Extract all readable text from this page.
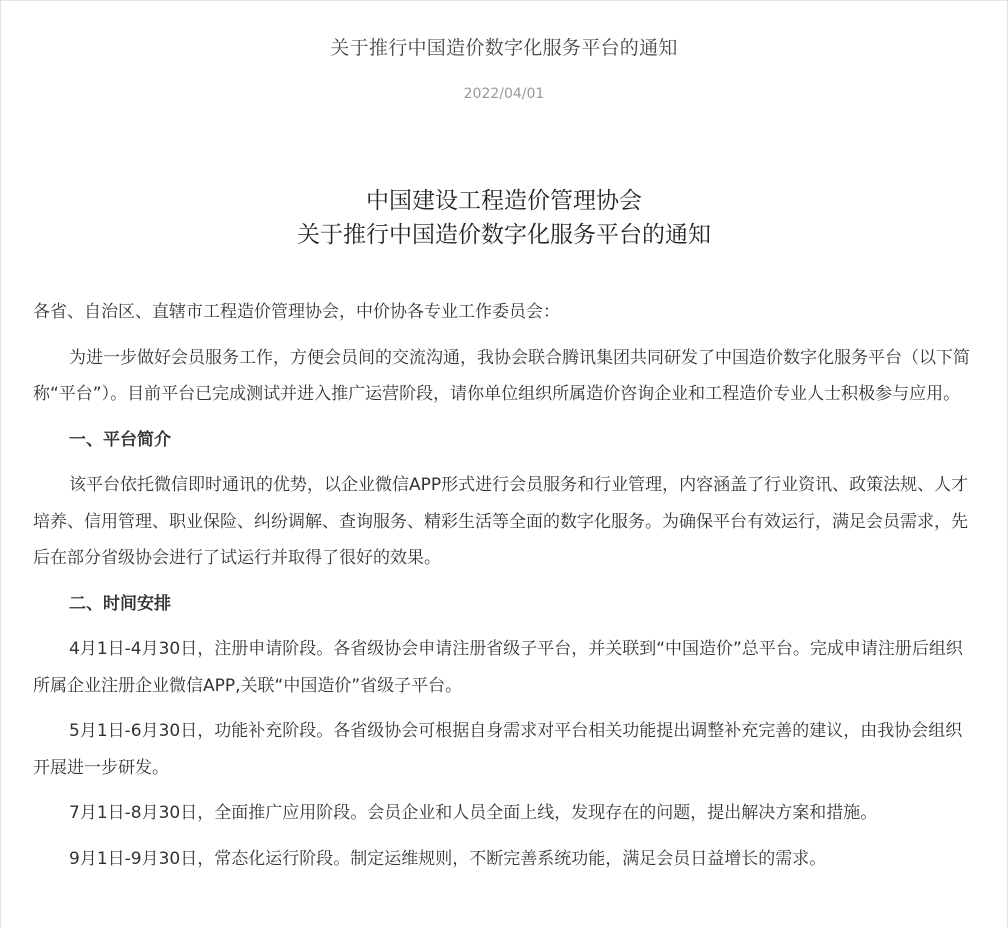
关于推行中国造价数字化服务平台的通知
2022/04/01
中国建设工程造价管理协会
关于推行中国造价数字化服务平台的通知

各省、自治区、直辖市工程造价管理协会，中价协各专业工作委员会：

为进一步做好会员服务工作，方便会员间的交流沟通，我协会联合腾讯集团共同研发了中国造价数字化服务平台（以下简称“平台”）。目前平台已完成测试并进入推广运营阶段，请你单位组织所属造价咨询企业和工程造价专业人士积极参与应用。

一、平台简介

该平台依托微信即时通讯的优势，以企业微信APP形式进行会员服务和行业管理，内容涵盖了行业资讯、政策法规、人才培养、信用管理、职业保险、纠纷调解、查询服务、精彩生活等全面的数字化服务。为确保平台有效运行，满足会员需求，先后在部分省级协会进行了试运行并取得了很好的效果。

二、时间安排

4月1日-4月30日，注册申请阶段。各省级协会申请注册省级子平台，并关联到“中国造价”总平台。完成申请注册后组织所属企业注册企业微信APP,关联“中国造价”省级子平台。

5月1日-6月30日，功能补充阶段。各省级协会可根据自身需求对平台相关功能提出调整补充完善的建议，由我协会组织开展进一步研发。

7月1日-8月30日，全面推广应用阶段。会员企业和人员全面上线，发现存在的问题，提出解决方案和措施。

9月1日-9月30日，常态化运行阶段。制定运维规则，不断完善系统功能，满足会员日益增长的需求。
